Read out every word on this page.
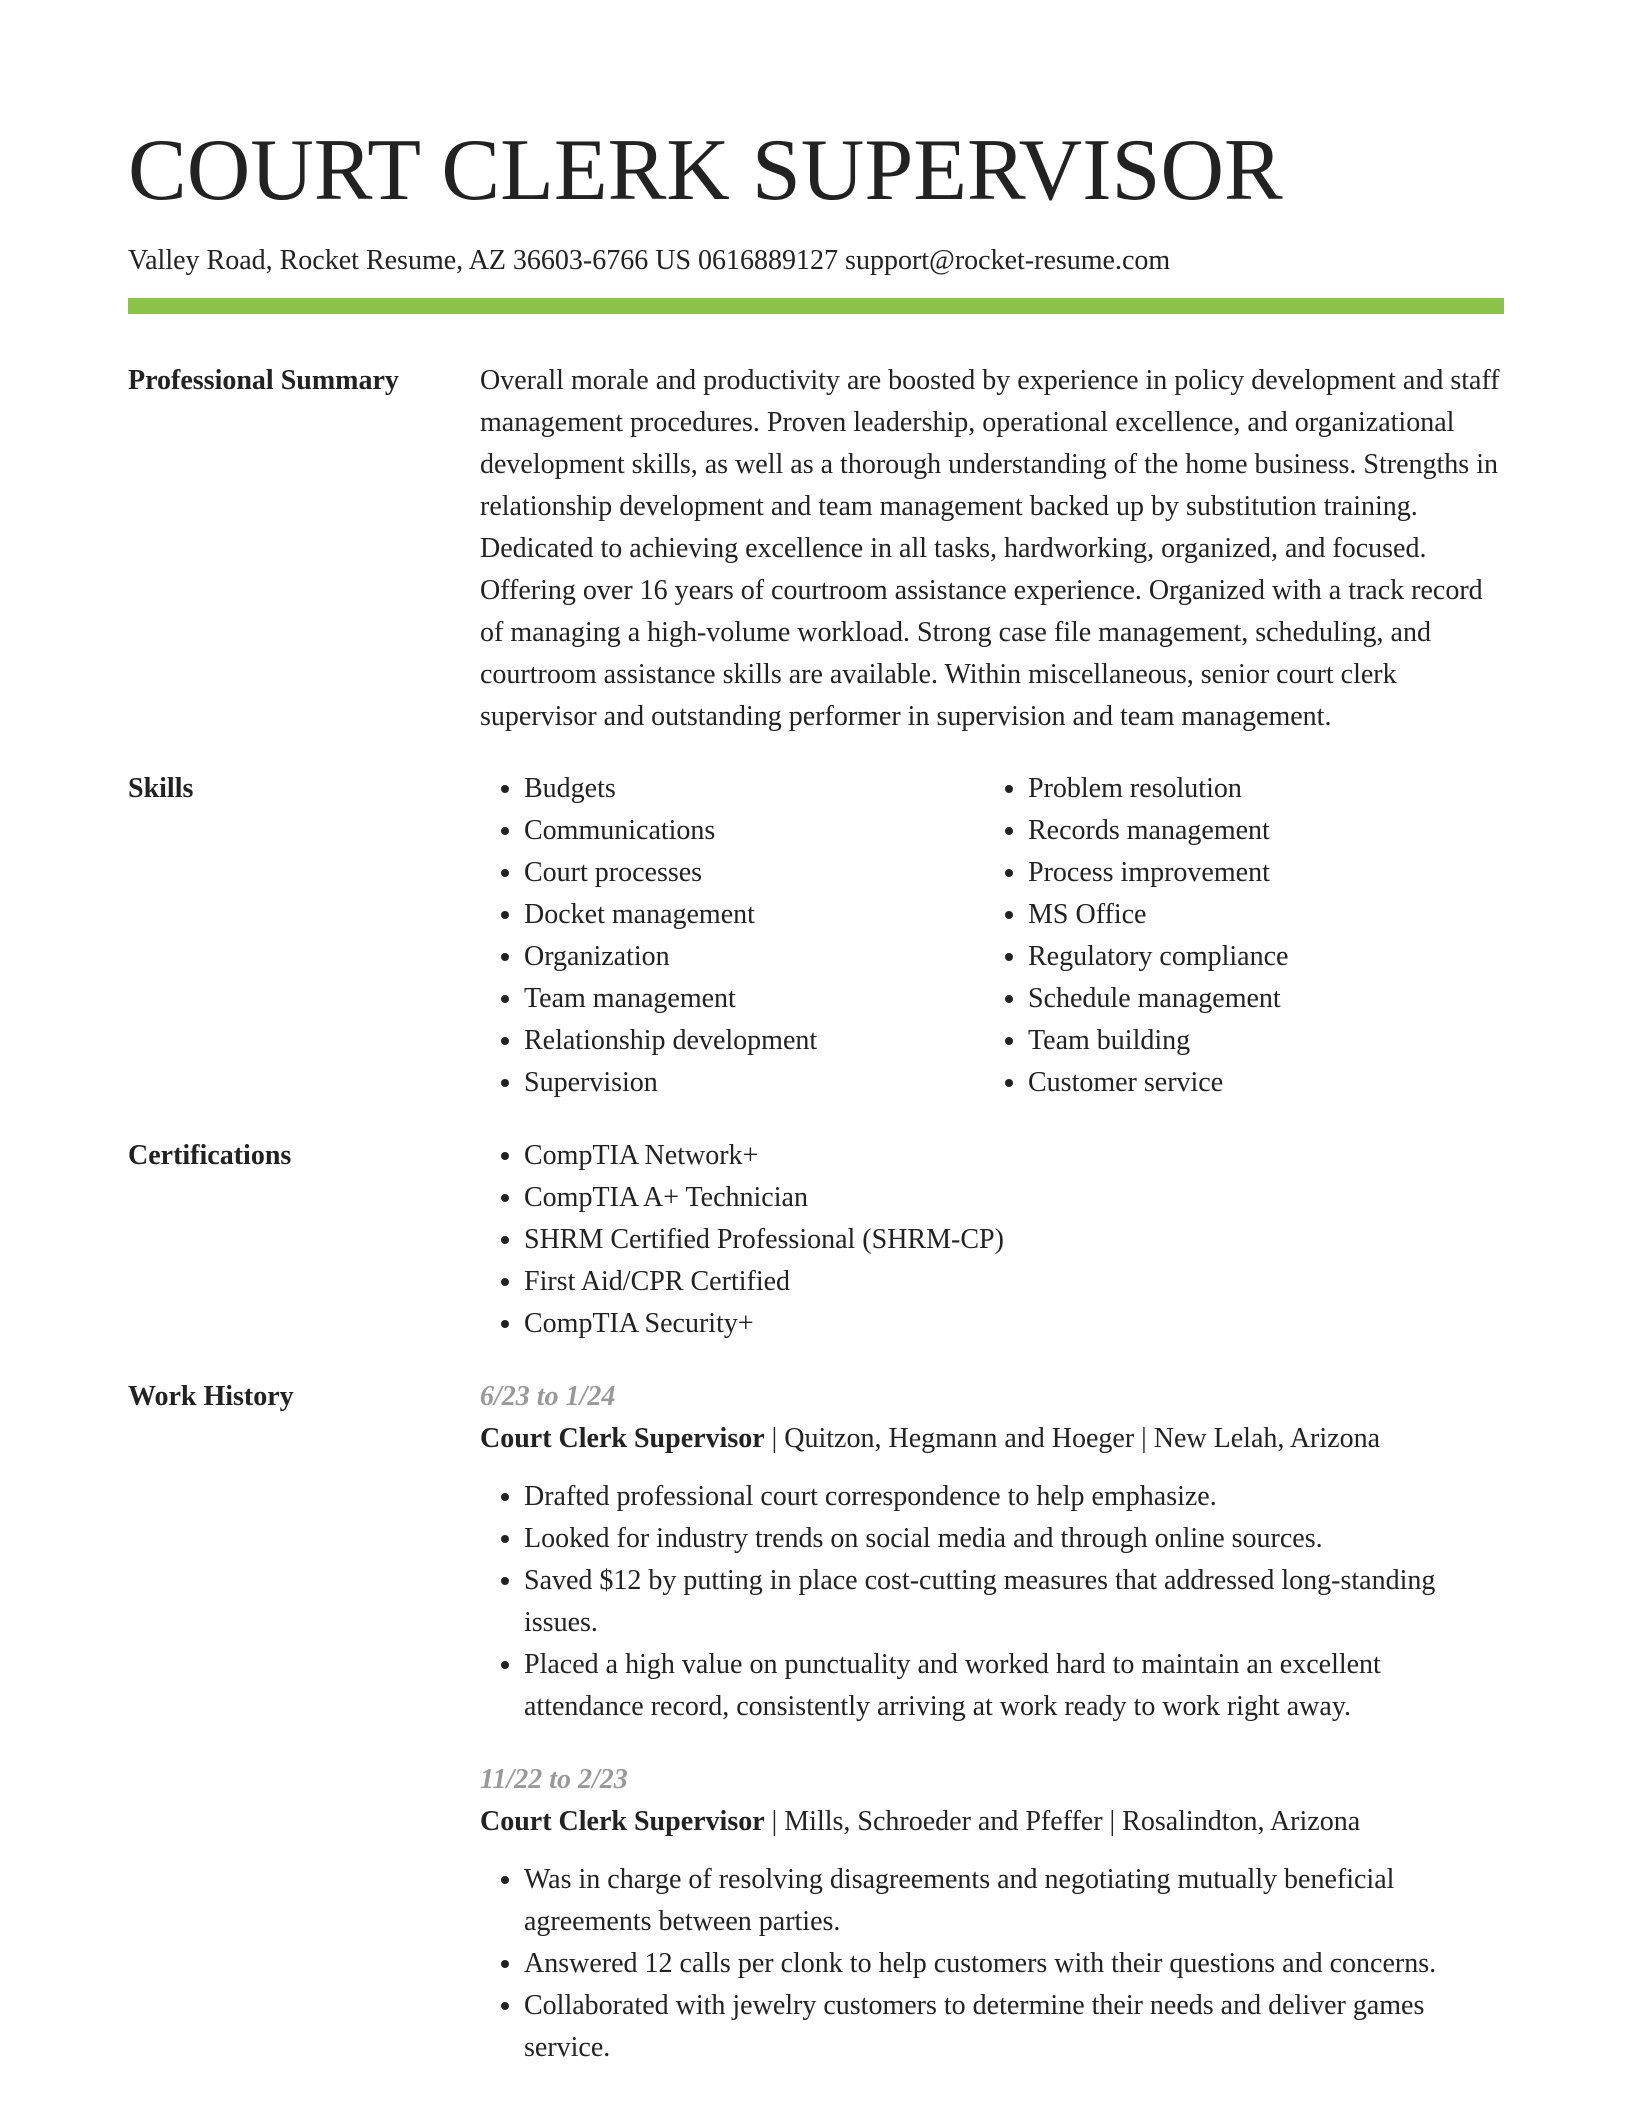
COURT CLERK SUPERVISOR
Valley Road, Rocket Resume, AZ 36603-6766 US 0616889127 support@rocket-resume.com
Professional Summary	Overall morale and productivity are boosted by experience in policy development and staff management procedures. Proven leadership, operational excellence, and organizational development skills, as well as a thorough understanding of the home business. Strengths in relationship development and team management backed up by substitution training. Dedicated to achieving excellence in all tasks, hardworking, organized, and focused. Offering over 16 years of courtroom assistance experience. Organized with a track record of managing a high-volume workload. Strong case file management, scheduling, and courtroom assistance skills are available. Within miscellaneous, senior court clerk supervisor and outstanding performer in supervision and team management.

Skills	• Budgets
• Communications
• Court processes
• Docket management
• Organization
• Team management
• Relationship development
• Supervision
• Problem resolution
• Records management
• Process improvement
• MS Office
• Regulatory compliance
• Schedule management
• Team building
• Customer service
Certifications	• CompTIA Network+
• CompTIA A+ Technician
• SHRM Certified Professional (SHRM-CP)
• First Aid/CPR Certified
• CompTIA Security+
Work History	6/23 to 1/24
Court Clerk Supervisor | Quitzon, Hegmann and Hoeger | New Lelah, Arizona
• Drafted professional court correspondence to help emphasize.
• Looked for industry trends on social media and through online sources.
• Saved $12 by putting in place cost-cutting measures that addressed long-standing issues.
• Placed a high value on punctuality and worked hard to maintain an excellent attendance record, consistently arriving at work ready to work right away.
11/22 to 2/23
Court Clerk Supervisor | Mills, Schroeder and Pfeffer | Rosalindton, Arizona
• Was in charge of resolving disagreements and negotiating mutually beneficial agreements between parties.
• Answered 12 calls per clonk to help customers with their questions and concerns.
• Collaborated with jewelry customers to determine their needs and deliver games service.
